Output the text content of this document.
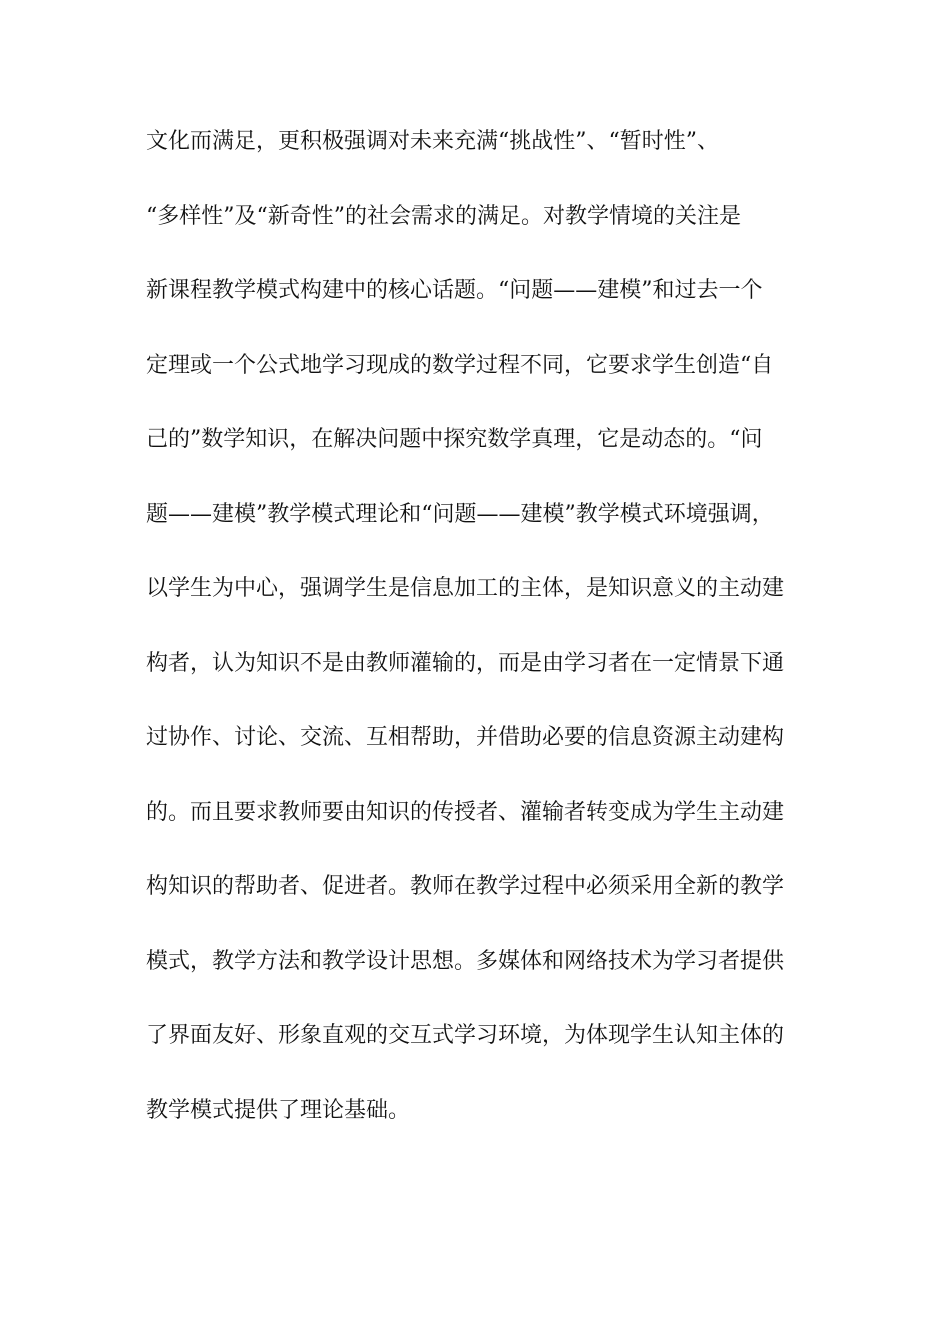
文化而满足，更积极强调对未来充满“挑战性”、“暂时性”、
“多样性”及“新奇性”的社会需求的满足。对教学情境的关注是
新课程教学模式构建中的核心话题。“问题——建模”和过去一个
定理或一个公式地学习现成的数学过程不同，它要求学生创造“自
己的”数学知识，在解决问题中探究数学真理，它是动态的。“问
题——建模”教学模式理论和“问题——建模”教学模式环境强调，
以学生为中心，强调学生是信息加工的主体，是知识意义的主动建
构者，认为知识不是由教师灌输的，而是由学习者在一定情景下通
过协作、讨论、交流、互相帮助，并借助必要的信息资源主动建构
的。而且要求教师要由知识的传授者、灌输者转变成为学生主动建
构知识的帮助者、促进者。教师在教学过程中必须采用全新的教学
模式，教学方法和教学设计思想。多媒体和网络技术为学习者提供
了界面友好、形象直观的交互式学习环境，为体现学生认知主体的
教学模式提供了理论基础。
